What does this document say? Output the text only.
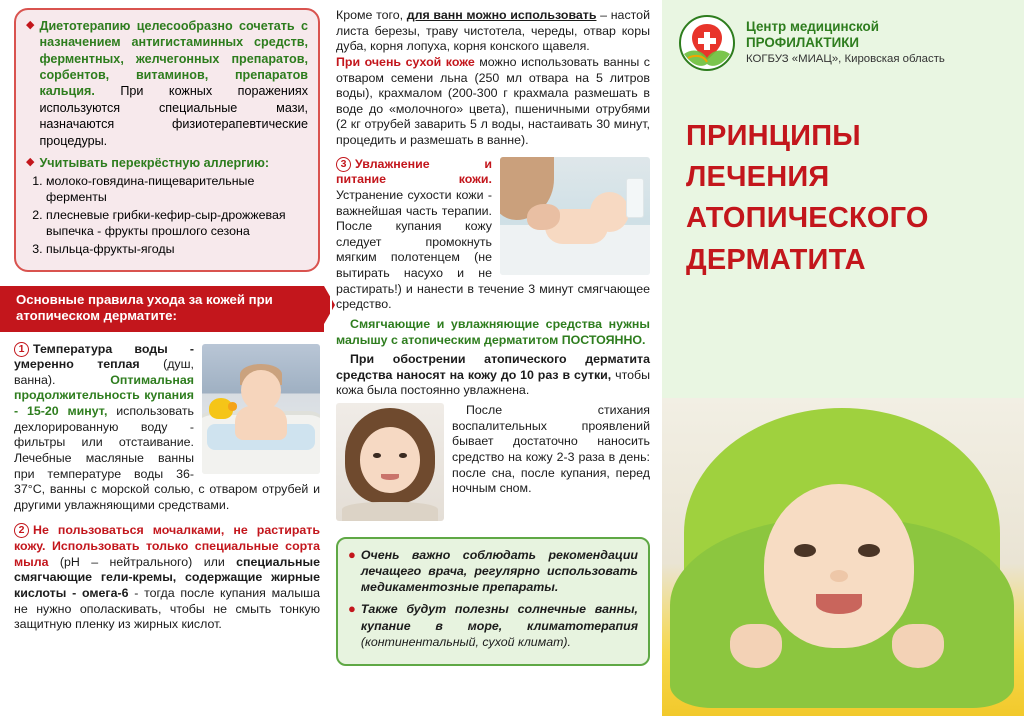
◆ Диетотерапию целесообразно сочетать с назначением антигистаминных средств, ферментных, желчегонных препаратов, сорбентов, витаминов, препаратов кальция. При кожных поражениях используются специальные мази, назначаются физиотерапевтические процедуры.
◆ Учитывать перекрёстную аллергию:
1. молоко-говядина-пищеварительные ферменты
2. плесневые грибки-кефир-сыр-дрожжевая выпечка - фрукты прошлого сезона
3. пыльца-фрукты-ягоды
Основные правила ухода за кожей при атопическом дерматите:
1 Температура воды - умеренно теплая (душ, ванна).	Оптимальная продолжительность купания - 15-20 минут, использовать дехлорированную воду - фильтры или отстаивание. Лечебные масляные ванны при температуре воды 36-37°С, ванны с морской солью, с отваром отрубей и другими увлажняющими средствами.
2 Не пользоваться мочалками, не растирать кожу. Использовать только специальные сорта мыла (рН – нейтрального) или специальные смягчающие гели-кремы, содержащие жирные кислоты - омега-6 - тогда после купания малыша не нужно ополаскивать, чтобы не смыть тонкую защитную пленку из жирных кислот.
Кроме того, для ванн можно использовать – настой листа березы, траву чистотела, череды, отвар коры дуба, корня лопуха, корня конского щавеля.
При очень сухой коже можно использовать ванны с отваром семени льна (250 мл отвара на 5 литров воды), крахмалом (200-300 г крахмала размешать в воде до «молочного» цвета), пшеничными отрубями (2 кг отрубей заварить 5 л воды, настаивать 30 минут, процедить и размешать в ванне).
3 Увлажнение и питание кожи. Устранение сухости кожи - важнейшая часть терапии. После купания кожу следует промокнуть мягким полотенцем (не вытирать насухо и не растирать!) и нанести в течение 3 минут смягчающее средство.
Смягчающие и увлажняющие средства нужны малышу с атопическим дерматитом ПОСТОЯННО.
При обострении атопического дерматита средства наносят на кожу до 10 раз в сутки, чтобы кожа была постоянно увлажнена.
После стихания воспалительных проявлений бывает достаточно наносить средство на кожу 2-3 раза в день: после сна, после купания, перед ночным сном.
● Очень важно соблюдать рекомендации лечащего врача, регулярно использовать медикаментозные препараты.
● Также будут полезны солнечные ванны, купание в море, климатотерапия (континентальный, сухой климат).
Центр медицинской
ПРОФИЛАКТИКИ
КОГБУЗ «МИАЦ», Кировская область
ПРИНЦИПЫ
ЛЕЧЕНИЯ
АТОПИЧЕСКОГО
ДЕРМАТИТА
